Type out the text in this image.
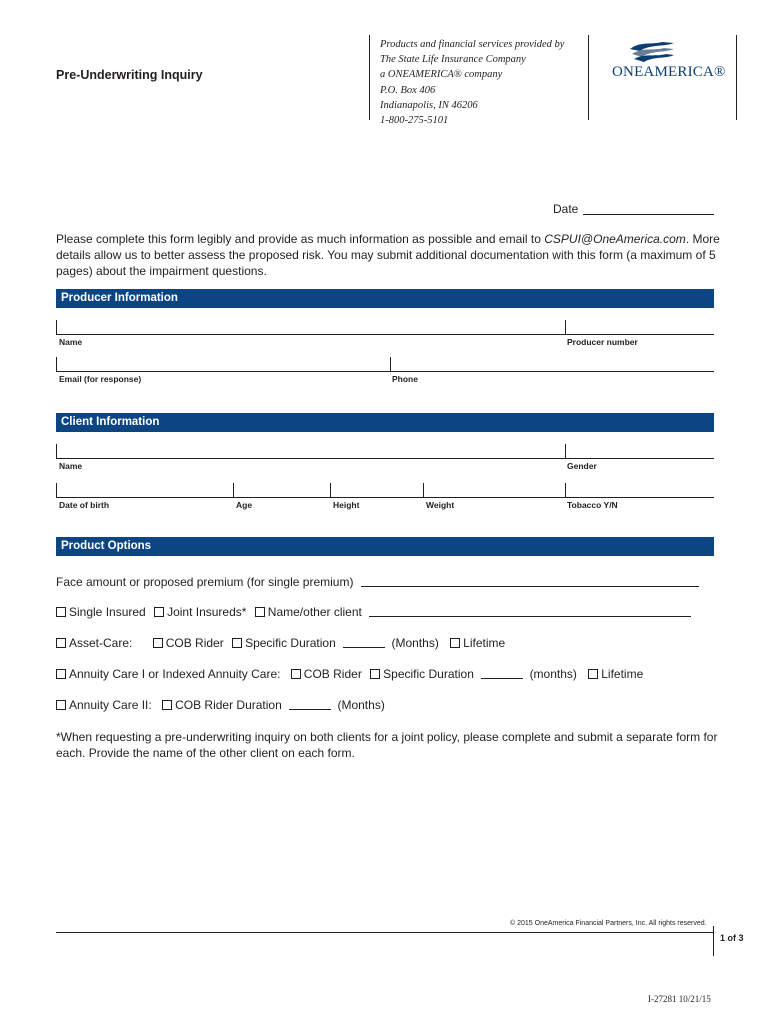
Pre-Underwriting Inquiry
Products and financial services provided by
The State Life Insurance Company
a ONEAMERICA® company
P.O. Box 406
Indianapolis, IN 46206
1-800-275-5101
ONEAMERICA®
Date
Please complete this form legibly and provide as much information as possible and email to CSPUI@OneAmerica.com. More details allow us to better assess the proposed risk. You may submit additional documentation with this form (a maximum of 5 pages) about the impairment questions.
Producer Information
Name	Producer number
Email (for response)	Phone
Client Information
Name	Gender
Date of birth	Age	Height	Weight	Tobacco Y/N
Product Options
Face amount or proposed premium (for single premium)
Single Insured Joint Insureds* Name/other client
Asset-Care:	COB Rider Specific Duration	(Months) Lifetime
Annuity Care I or Indexed Annuity Care: COB Rider Specific Duration	(months) Lifetime
Annuity Care II: COB Rider Duration	(Months)
*When requesting a pre-underwriting inquiry on both clients for a joint policy, please complete and submit a separate form for each. Provide the name of the other client on each form.
© 2015 OneAmerica Financial Partners, Inc. All rights reserved.
1 of 3
I-27281 10/21/15
